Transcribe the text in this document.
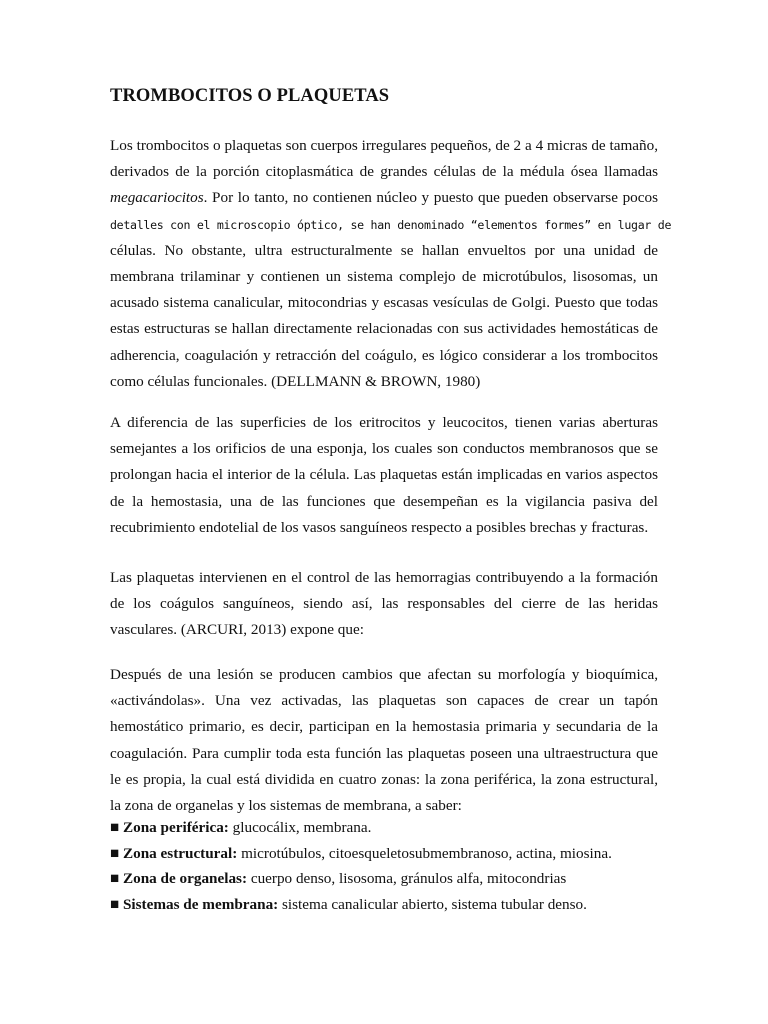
TROMBOCITOS O PLAQUETAS
Los trombocitos o plaquetas son cuerpos irregulares pequeños, de 2 a 4 micras de tamaño,
derivados de la porción citoplasmática de grandes células de la médula ósea llamadas
megacariocitos. Por lo tanto, no contienen núcleo y puesto que pueden observarse pocos
detalles con el microscopio óptico, se han denominado “elementos formes” en lugar de
células. No obstante, ultra estructuralmente se hallan envueltos por una unidad de
membrana trilaminar y contienen un sistema complejo de microtúbulos, lisosomas, un
acusado sistema canalicular, mitocondrias y escasas vesículas de Golgi. Puesto que todas
estas estructuras se hallan directamente relacionadas con sus actividades hemostáticas de
adherencia, coagulación y retracción del coágulo, es lógico considerar a los trombocitos
como células funcionales. (DELLMANN & BROWN, 1980)
A diferencia de las superficies de los eritrocitos y leucocitos, tienen varias aberturas
semejantes a los orificios de una esponja, los cuales son conductos membranosos que se
prolongan hacia el interior de la célula. Las plaquetas están implicadas en varios aspectos
de la hemostasia, una de las funciones que desempeñan es la vigilancia pasiva del
recubrimiento endotelial de los vasos sanguíneos respecto a posibles brechas y fracturas.
Las plaquetas intervienen en el control de las hemorragias contribuyendo a la formación
de los coágulos sanguíneos, siendo así, las responsables del cierre de las heridas
vasculares. (ARCURI, 2013) expone que:
Después de una lesión se producen cambios que afectan su morfología y bioquímica,
«activándolas». Una vez activadas, las plaquetas son capaces de crear un tapón
hemostático primario, es decir, participan en la hemostasia primaria y secundaria de la
coagulación. Para cumplir toda esta función las plaquetas poseen una ultraestructura que
le es propia, la cual está dividida en cuatro zonas: la zona periférica, la zona estructural,
la zona de organelas y los sistemas de membrana, a saber:
■ Zona periférica: glucocálix, membrana.
■ Zona estructural: microtúbulos, citoesqueletosubmembranoso, actina, miosina.
■ Zona de organelas: cuerpo denso, lisosoma, gránulos alfa, mitocondrias
■ Sistemas de membrana: sistema canalicular abierto, sistema tubular denso.
